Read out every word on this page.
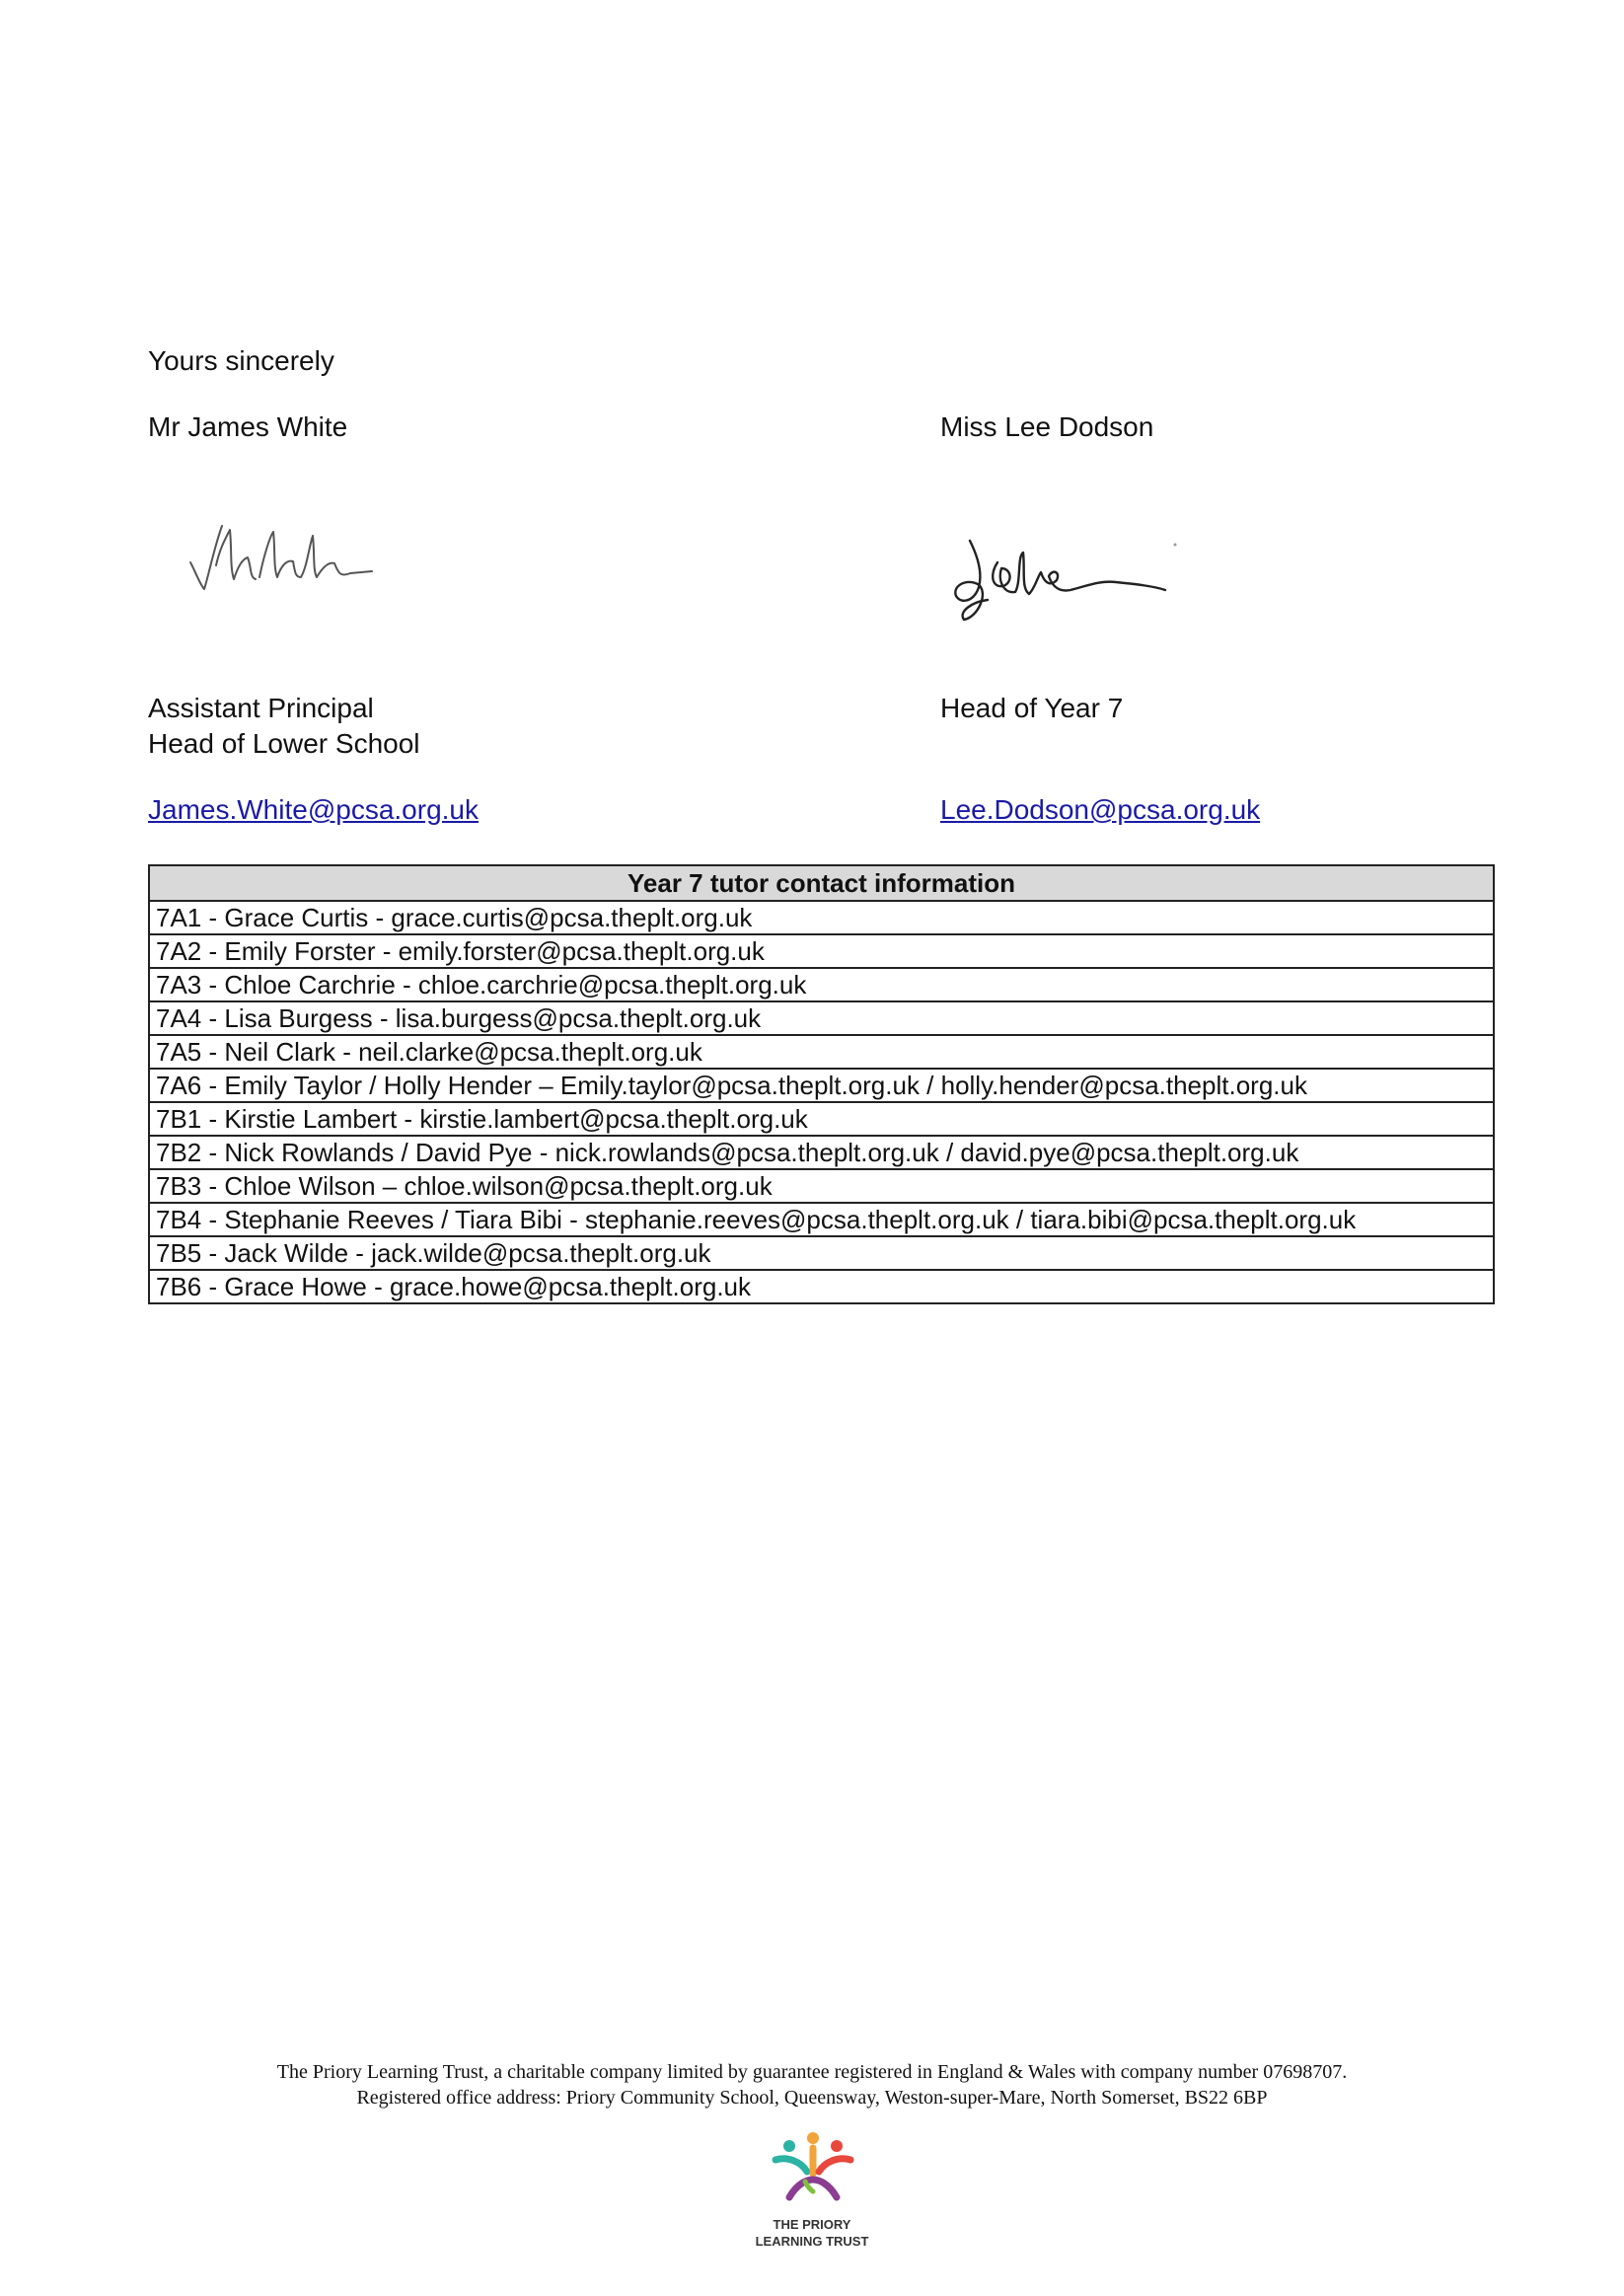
Yours sincerely
Mr James White	Miss Lee Dodson
Assistant Principal
Head of Lower School
Head of Year 7
James.White@pcsa.org.uk	Lee.Dodson@pcsa.org.uk
Year 7 tutor contact information
7A1 - Grace Curtis - grace.curtis@pcsa.theplt.org.uk
7A2 - Emily Forster - emily.forster@pcsa.theplt.org.uk
7A3 - Chloe Carchrie - chloe.carchrie@pcsa.theplt.org.uk
7A4 - Lisa Burgess - lisa.burgess@pcsa.theplt.org.uk
7A5 - Neil Clark - neil.clarke@pcsa.theplt.org.uk
7A6 - Emily Taylor / Holly Hender – Emily.taylor@pcsa.theplt.org.uk / holly.hender@pcsa.theplt.org.uk
7B1 - Kirstie Lambert - kirstie.lambert@pcsa.theplt.org.uk
7B2 - Nick Rowlands / David Pye - nick.rowlands@pcsa.theplt.org.uk / david.pye@pcsa.theplt.org.uk
7B3 - Chloe Wilson – chloe.wilson@pcsa.theplt.org.uk
7B4 - Stephanie Reeves / Tiara Bibi - stephanie.reeves@pcsa.theplt.org.uk / tiara.bibi@pcsa.theplt.org.uk
7B5 - Jack Wilde - jack.wilde@pcsa.theplt.org.uk
7B6 - Grace Howe - grace.howe@pcsa.theplt.org.uk
The Priory Learning Trust, a charitable company limited by guarantee registered in England & Wales with company number 07698707.
Registered office address: Priory Community School, Queensway, Weston-super-Mare, North Somerset, BS22 6BP
THE PRIORY
LEARNING TRUST
